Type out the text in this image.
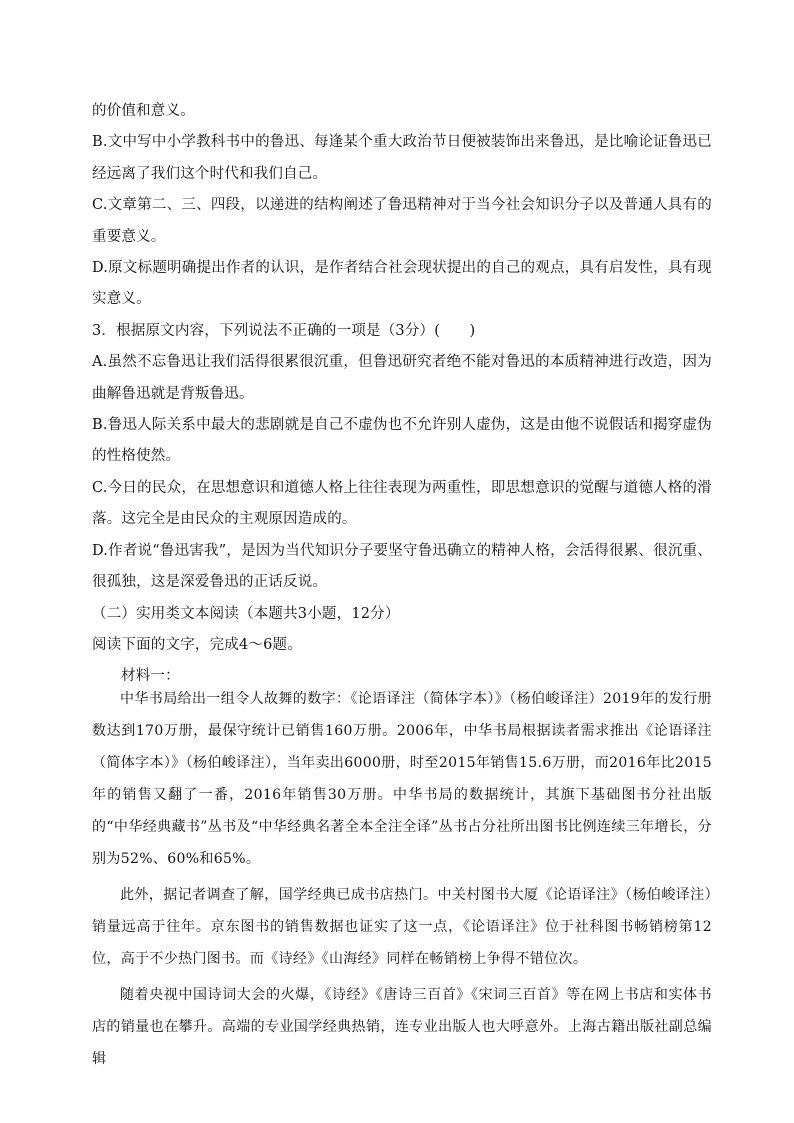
的价值和意义。

B.文中写中小学教科书中的鲁迅、每逢某个重大政治节日便被装饰出来鲁迅，是比喻论证鲁迅已经远离了我们这个时代和我们自己。

C.文章第二、三、四段，以递进的结构阐述了鲁迅精神对于当今社会知识分子以及普通人具有的重要意义。

D.原文标题明确提出作者的认识，是作者结合社会现状提出的自己的观点，具有启发性，具有现实意义。

3．根据原文内容，下列说法不正确的一项是（3分）(　　)

A.虽然不忘鲁迅让我们活得很累很沉重，但鲁迅研究者绝不能对鲁迅的本质精神进行改造，因为曲解鲁迅就是背叛鲁迅。

B.鲁迅人际关系中最大的悲剧就是自己不虚伪也不允许别人虚伪，这是由他不说假话和揭穿虚伪的性格使然。

C.今日的民众，在思想意识和道德人格上往往表现为两重性，即思想意识的觉醒与道德人格的滑落。这完全是由民众的主观原因造成的。

D.作者说“鲁迅害我”，是因为当代知识分子要坚守鲁迅确立的精神人格，会活得很累、很沉重、很孤独，这是深爱鲁迅的正话反说。

（二）实用类文本阅读（本题共3小题，12分）

阅读下面的文字，完成4～6题。

材料一：

中华书局给出一组令人故舞的数字：《论语译注（简体字本）》（杨伯峻译注）2019年的发行册数达到170万册，最保守统计已销售160万册。2006年，中华书局根据读者需求推出《论语译注（简体字本）》（杨伯峻译注），当年卖出6000册，时至2015年销售15.6万册，而2016年比2015年的销售又翻了一番，2016年销售30万册。中华书局的数据统计，其旗下基础图书分社出版的“中华经典藏书”丛书及“中华经典名著全本全注全译”丛书占分社所出图书比例连续三年增长，分别为52%、60%和65%。

此外，据记者调查了解，国学经典已成书店热门。中关村图书大厦《论语译注》（杨伯峻译注）销量远高于往年。京东图书的销售数据也证实了这一点，《论语译注》位于社科图书畅销榜第12位，高于不少热门图书。而《诗经》《山海经》同样在畅销榜上争得不错位次。

随着央视中国诗词大会的火爆，《诗经》《唐诗三百首》《宋词三百首》等在网上书店和实体书店的销量也在攀升。高端的专业国学经典热销，连专业出版人也大呼意外。上海古籍出版社副总编辑
